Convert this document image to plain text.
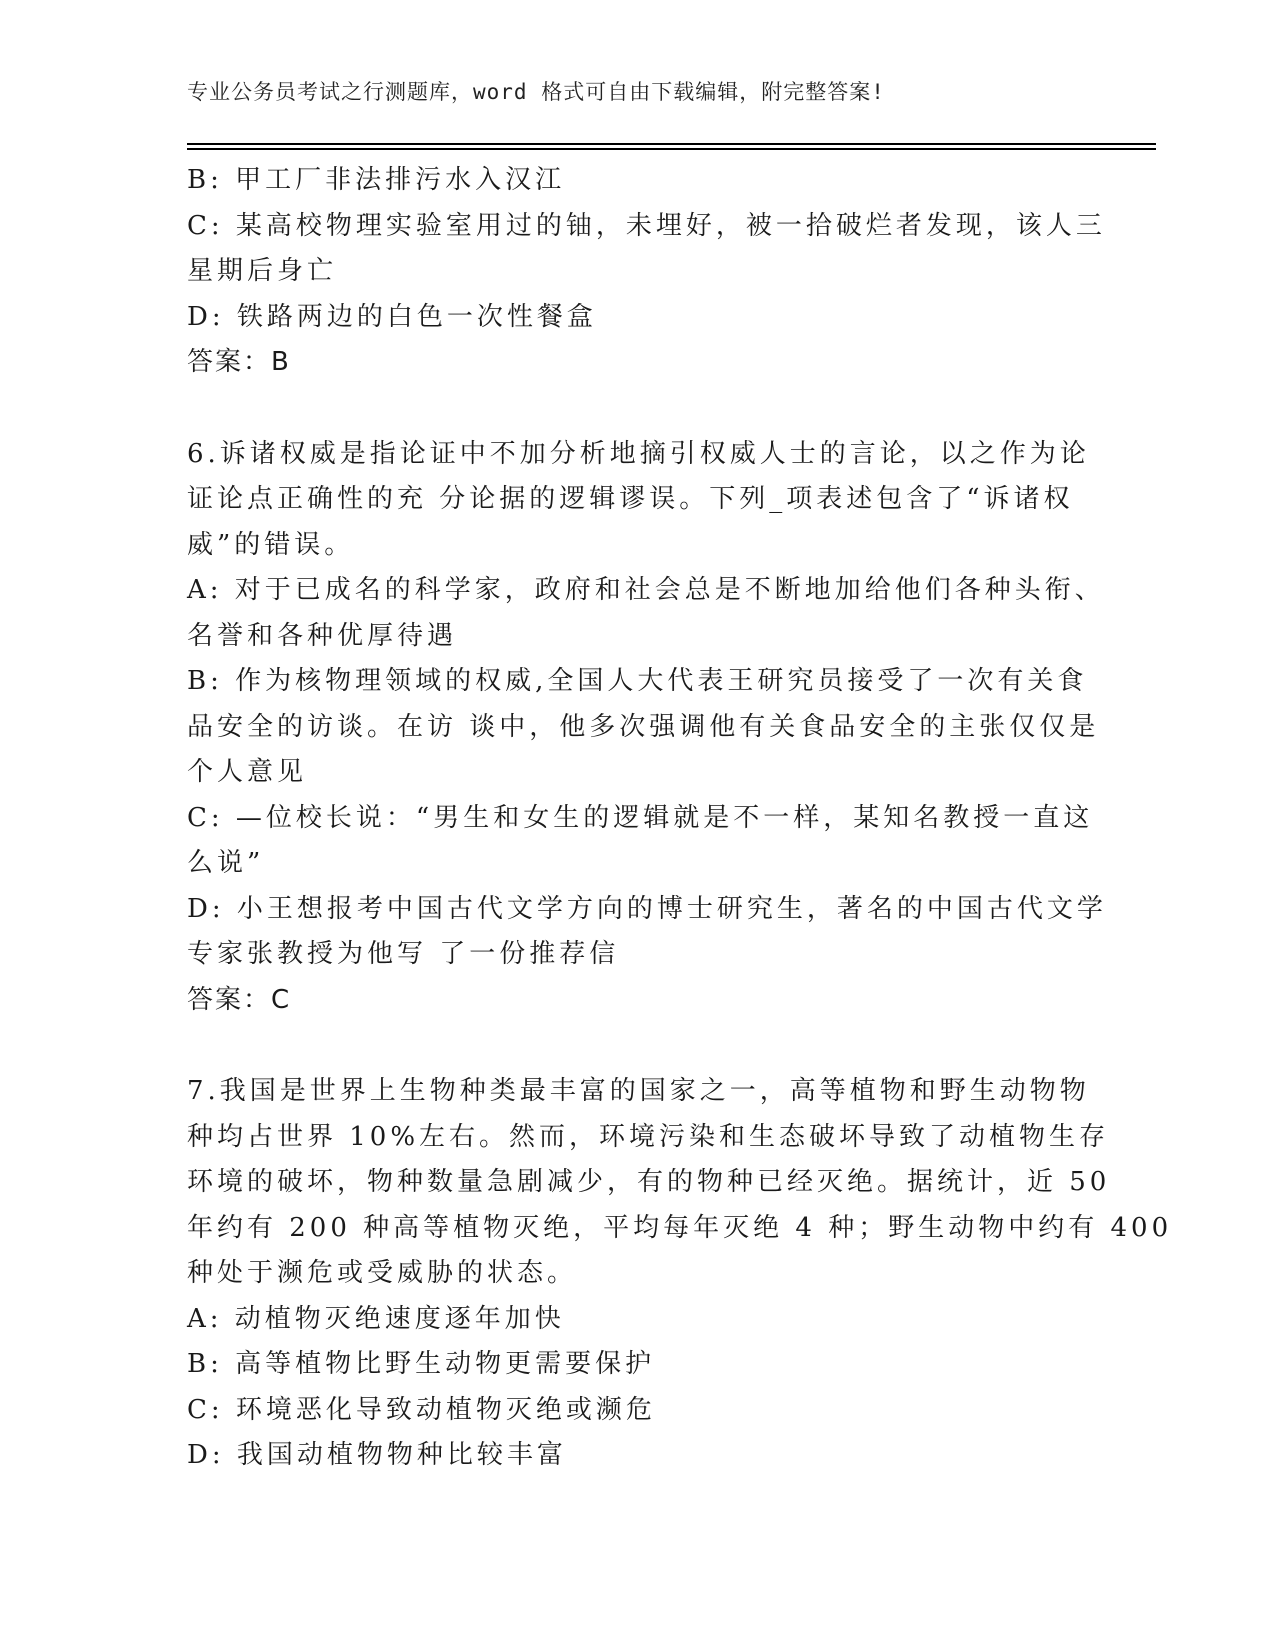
专业公务员考试之行测题库，word 格式可自由下载编辑，附完整答案!
B: 甲工厂非法排污水入汉江
C: 某高校物理实验室用过的铀，未埋好，被一拾破烂者发现，该人三
星期后身亡
D: 铁路两边的白色一次性餐盒
答案：B
6.诉诸权威是指论证中不加分析地摘引权威人士的言论，以之作为论
证论点正确性的充 分论据的逻辑谬误。下列_项表述包含了“诉诸权
威”的错误。
A: 对于已成名的科学家，政府和社会总是不断地加给他们各种头衔、
名誉和各种优厚待遇
B: 作为核物理领域的权威,全国人大代表王研究员接受了一次有关食
品安全的访谈。在访 谈中，他多次强调他有关食品安全的主张仅仅是
个人意见
C: —位校长说：“男生和女生的逻辑就是不一样，某知名教授一直这
么说”
D: 小王想报考中国古代文学方向的博士研究生，著名的中国古代文学
专家张教授为他写 了一份推荐信
答案：C
7.我国是世界上生物种类最丰富的国家之一，高等植物和野生动物物
种均占世界 10%左右。然而，环境污染和生态破坏导致了动植物生存
环境的破坏，物种数量急剧减少，有的物种已经灭绝。据统计，近 50
年约有 200 种高等植物灭绝，平均每年灭绝 4 种；野生动物中约有 400
种处于濒危或受威胁的状态。
A: 动植物灭绝速度逐年加快
B: 高等植物比野生动物更需要保护
C: 环境恶化导致动植物灭绝或濒危
D: 我国动植物物种比较丰富
